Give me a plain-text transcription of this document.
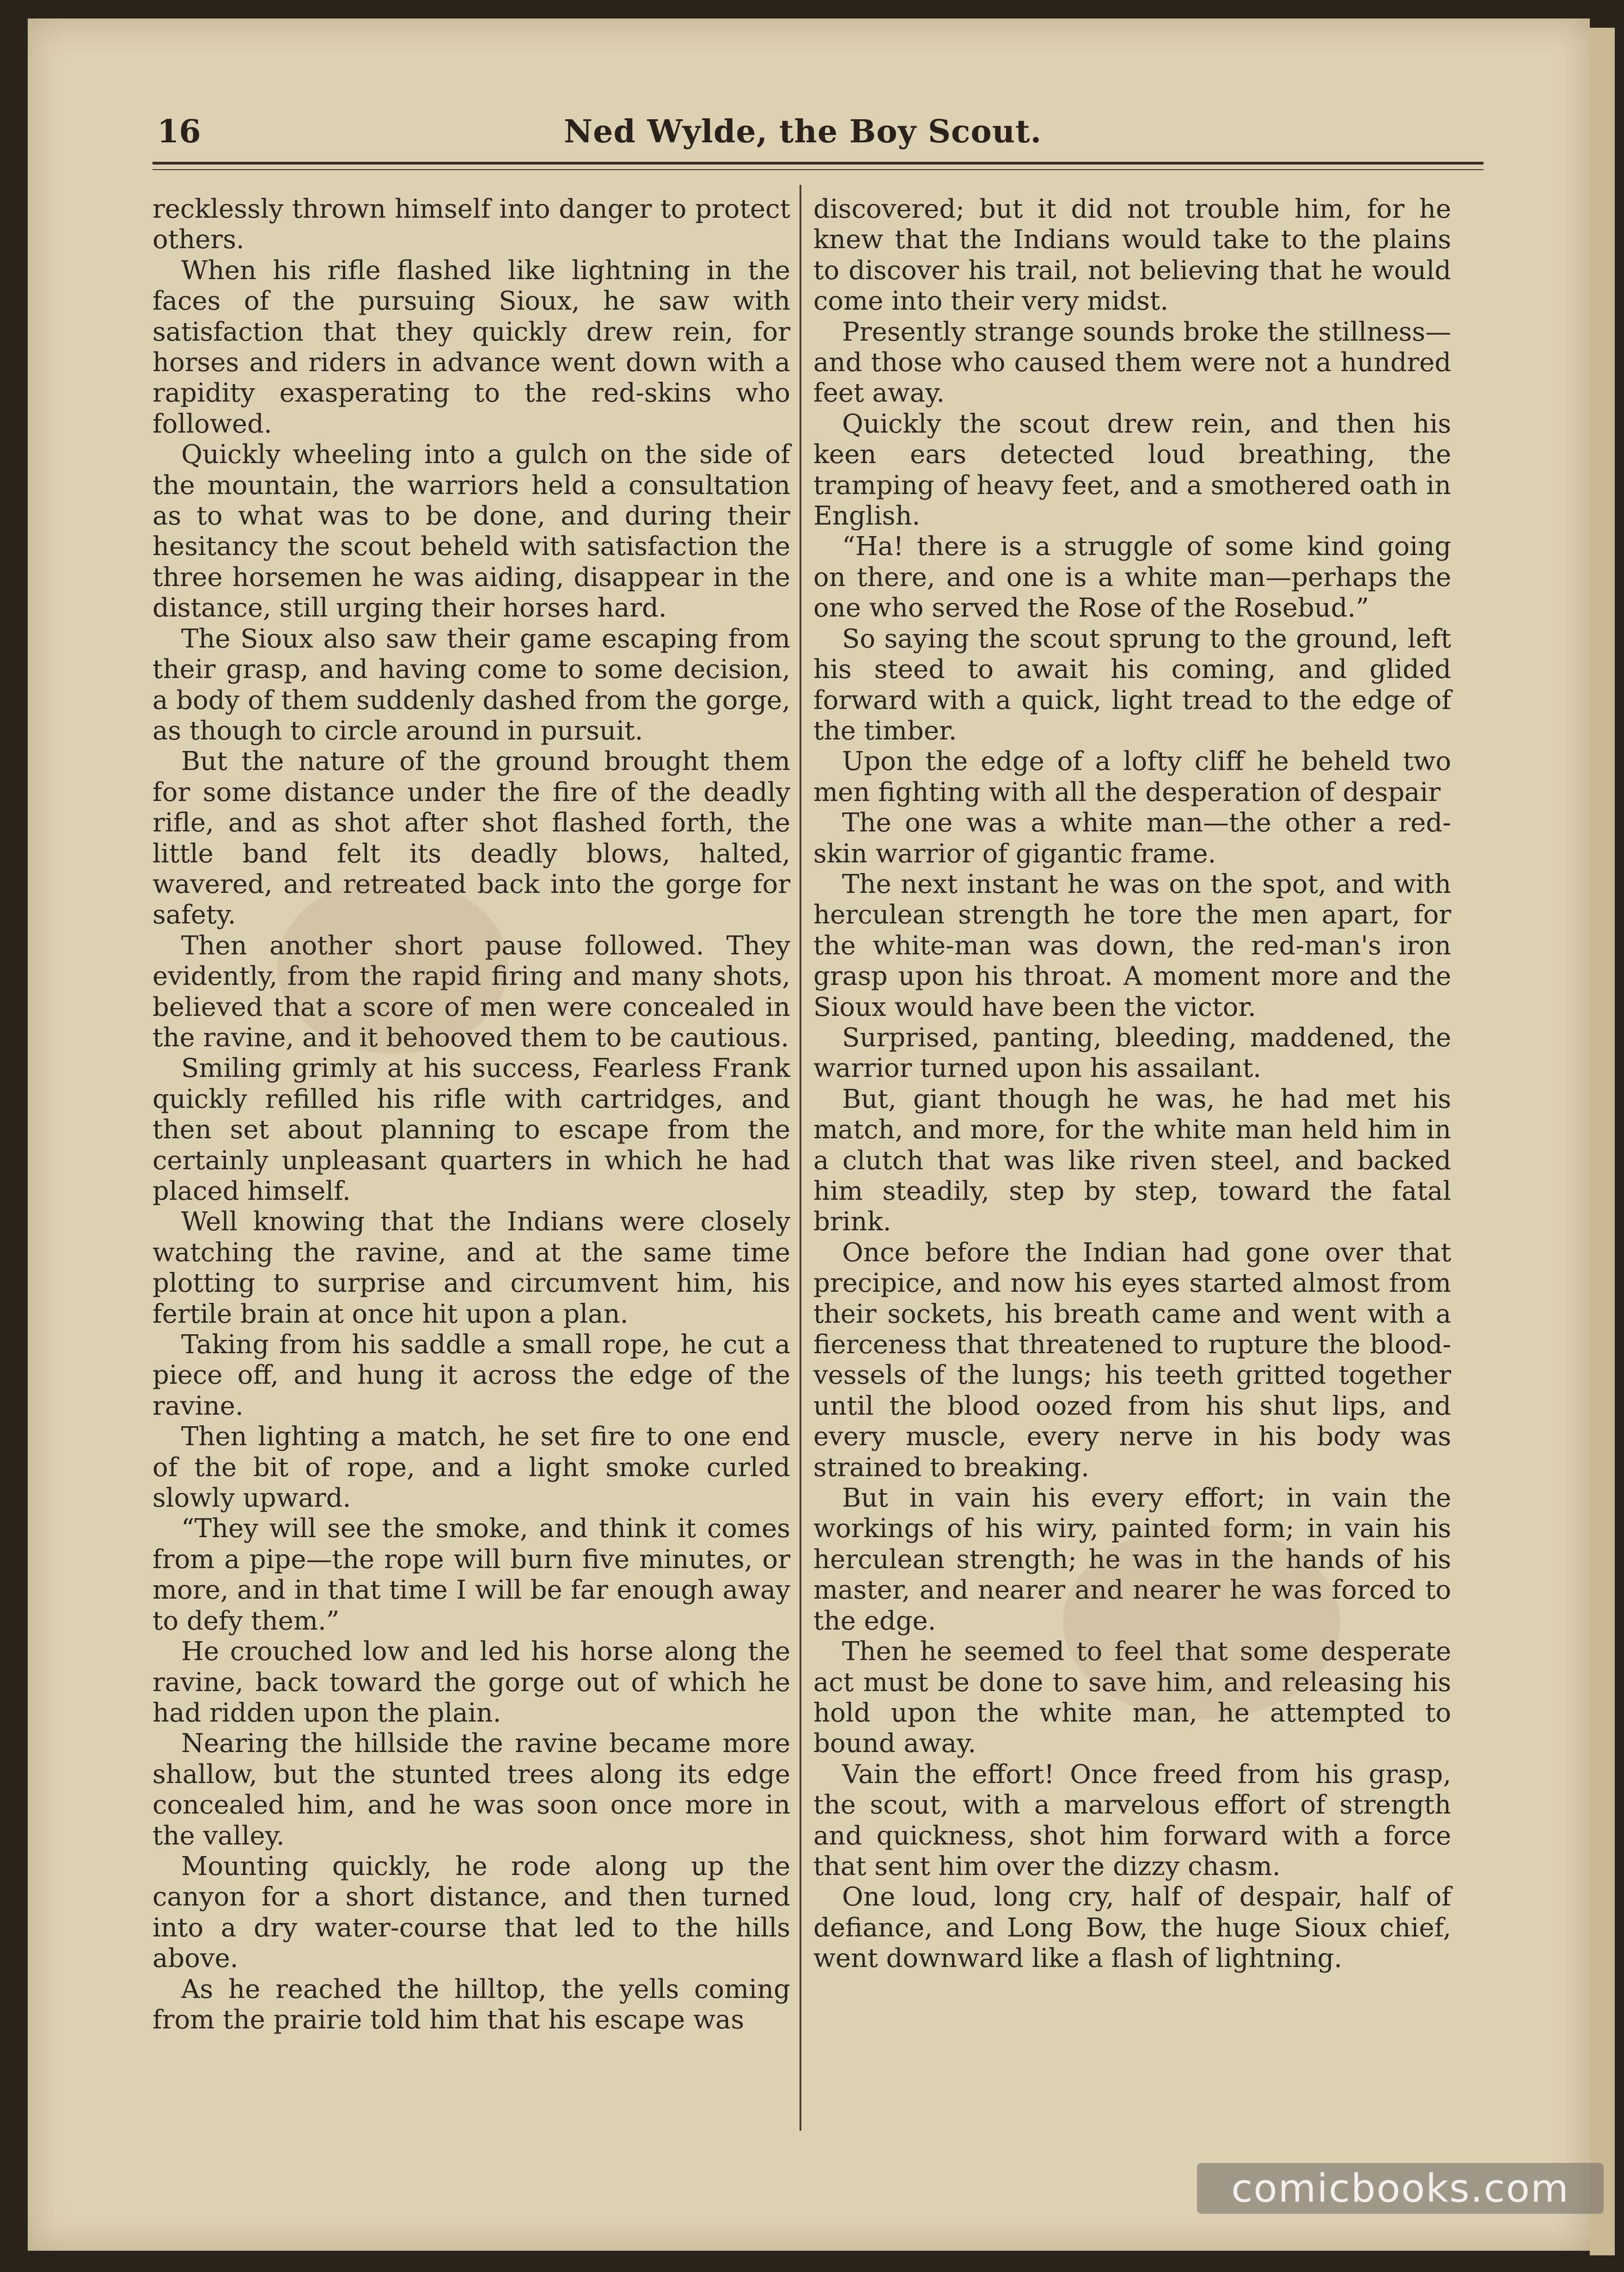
16	Ned Wylde, the Boy Scout.

recklessly thrown himself into danger to protect others.

When his rifle flashed like lightning in the faces of the pursuing Sioux, he saw with satisfaction that they quickly drew rein, for horses and riders in advance went down with a rapidity exasperating to the red-skins who followed.

Quickly wheeling into a gulch on the side of the mountain, the warriors held a consultation as to what was to be done, and during their hesitancy the scout beheld with satisfaction the three horsemen he was aiding, disappear in the distance, still urging their horses hard.

The Sioux also saw their game escaping from their grasp, and having come to some decision, a body of them suddenly dashed from the gorge, as though to circle around in pursuit.

But the nature of the ground brought them for some distance under the fire of the deadly rifle, and as shot after shot flashed forth, the little band felt its deadly blows, halted, wavered, and retreated back into the gorge for safety.

Then another short pause followed. They evidently, from the rapid firing and many shots, believed that a score of men were concealed in the ravine, and it behooved them to be cautious.

Smiling grimly at his success, Fearless Frank quickly refilled his rifle with cartridges, and then set about planning to escape from the certainly unpleasant quarters in which he had placed himself.

Well knowing that the Indians were closely watching the ravine, and at the same time plotting to surprise and circumvent him, his fertile brain at once hit upon a plan.

Taking from his saddle a small rope, he cut a piece off, and hung it across the edge of the ravine.

Then lighting a match, he set fire to one end of the bit of rope, and a light smoke curled slowly upward.

“They will see the smoke, and think it comes from a pipe—the rope will burn five minutes, or more, and in that time I will be far enough away to defy them.”

He crouched low and led his horse along the ravine, back toward the gorge out of which he had ridden upon the plain.

Nearing the hillside the ravine became more shallow, but the stunted trees along its edge concealed him, and he was soon once more in the valley.

Mounting quickly, he rode along up the canyon for a short distance, and then turned into a dry water-course that led to the hills above.

As he reached the hilltop, the yells coming from the prairie told him that his escape was

discovered; but it did not trouble him, for he knew that the Indians would take to the plains to discover his trail, not believing that he would come into their very midst.

Presently strange sounds broke the stillness—and those who caused them were not a hundred feet away.

Quickly the scout drew rein, and then his keen ears detected loud breathing, the tramping of heavy feet, and a smothered oath in English.

“Ha! there is a struggle of some kind going on there, and one is a white man—perhaps the one who served the Rose of the Rosebud.”

So saying the scout sprung to the ground, left his steed to await his coming, and glided forward with a quick, light tread to the edge of the timber.

Upon the edge of a lofty cliff he beheld two men fighting with all the desperation of despair

The one was a white man—the other a red-skin warrior of gigantic frame.

The next instant he was on the spot, and with herculean strength he tore the men apart, for the white-man was down, the red-man's iron grasp upon his throat. A moment more and the Sioux would have been the victor.

Surprised, panting, bleeding, maddened, the warrior turned upon his assailant.

But, giant though he was, he had met his match, and more, for the white man held him in a clutch that was like riven steel, and backed him steadily, step by step, toward the fatal brink.

Once before the Indian had gone over that precipice, and now his eyes started almost from their sockets, his breath came and went with a fierceness that threatened to rupture the blood-vessels of the lungs; his teeth gritted together until the blood oozed from his shut lips, and every muscle, every nerve in his body was strained to breaking.

But in vain his every effort; in vain the workings of his wiry, painted form; in vain his herculean strength; he was in the hands of his master, and nearer and nearer he was forced to the edge.

Then he seemed to feel that some desperate act must be done to save him, and releasing his hold upon the white man, he attempted to bound away.

Vain the effort! Once freed from his grasp, the scout, with a marvelous effort of strength and quickness, shot him forward with a force that sent him over the dizzy chasm.

One loud, long cry, half of despair, half of defiance, and Long Bow, the huge Sioux chief, went downward like a flash of lightning.

comicbooks.com
